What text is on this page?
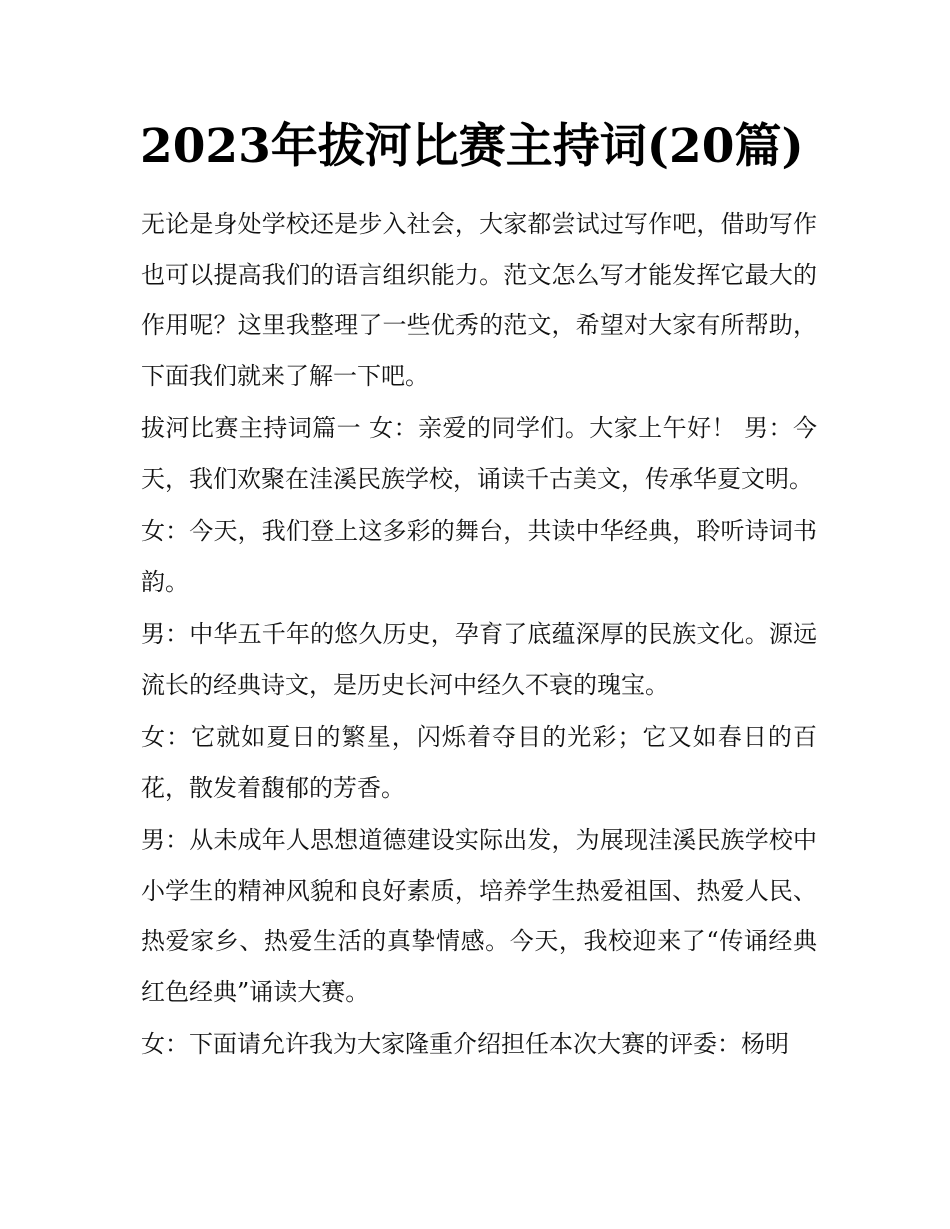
2023年拔河比赛主持词(20篇)

无论是身处学校还是步入社会，大家都尝试过写作吧，借助写作也可以提高我们的语言组织能力。范文怎么写才能发挥它最大的作用呢？这里我整理了一些优秀的范文，希望对大家有所帮助，下面我们就来了解一下吧。

拔河比赛主持词篇一 女：亲爱的同学们。大家上午好！ 男：今天，我们欢聚在洼溪民族学校，诵读千古美文，传承华夏文明。

女：今天，我们登上这多彩的舞台，共读中华经典，聆听诗词书韵。

男：中华五千年的悠久历史，孕育了底蕴深厚的民族文化。源远流长的经典诗文，是历史长河中经久不衰的瑰宝。

女：它就如夏日的繁星，闪烁着夺目的光彩；它又如春日的百花，散发着馥郁的芳香。

男：从未成年人思想道德建设实际出发，为展现洼溪民族学校中小学生的精神风貌和良好素质，培养学生热爱祖国、热爱人民、热爱家乡、热爱生活的真挚情感。今天，我校迎来了“传诵经典红色经典”诵读大赛。

女：下面请允许我为大家隆重介绍担任本次大赛的评委：杨明
